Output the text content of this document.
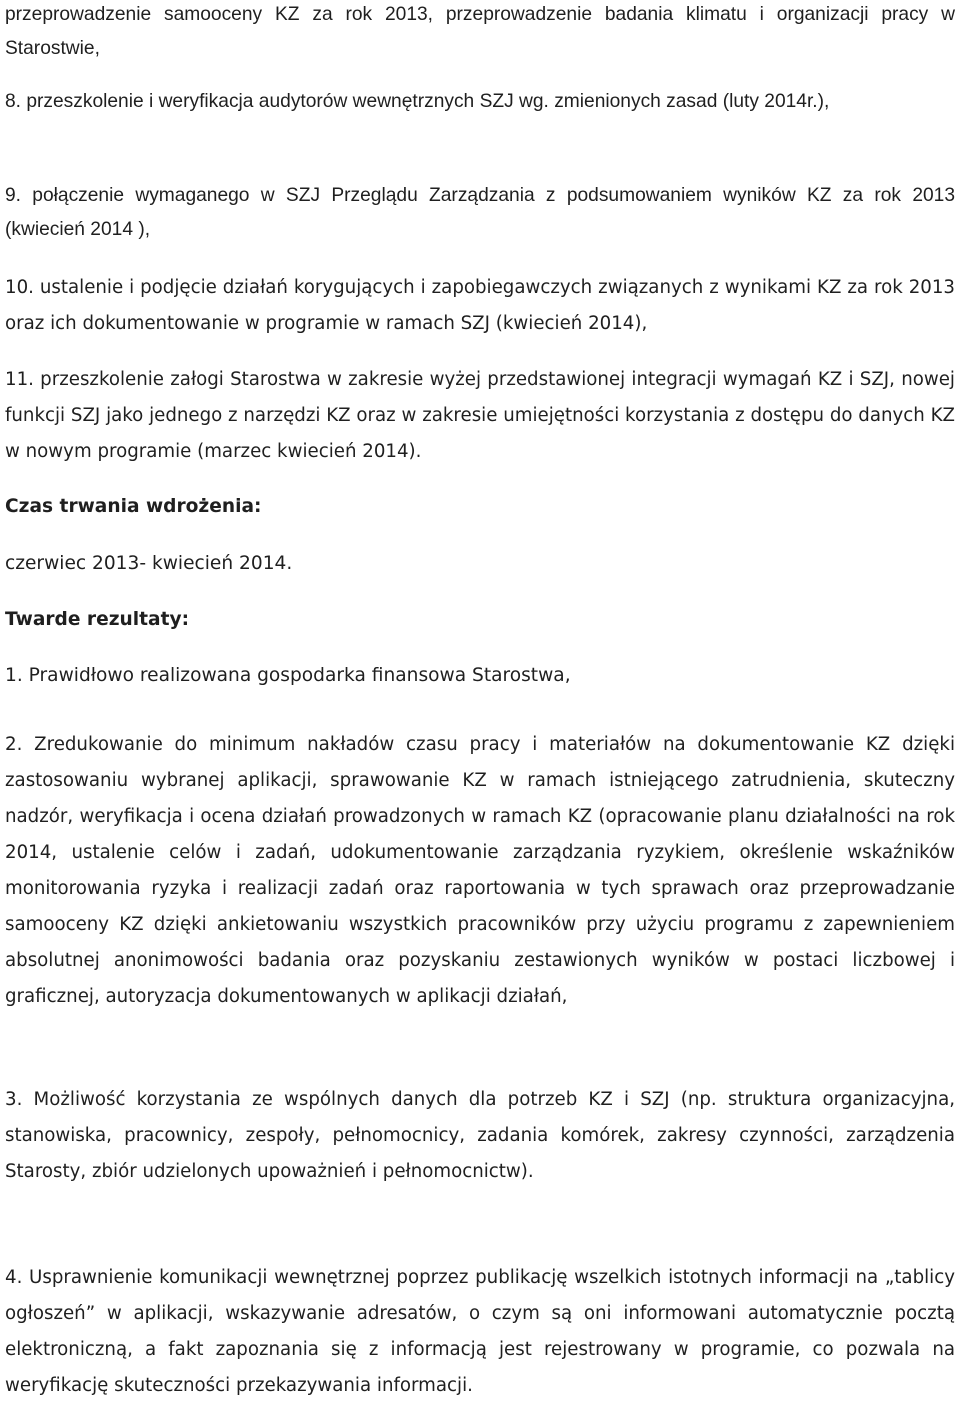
przeprowadzenie samooceny KZ za rok 2013, przeprowadzenie badania klimatu i organizacji pracy w Starostwie,

8. przeszkolenie i weryfikacja audytorów wewnętrznych SZJ wg. zmienionych zasad (luty 2014r.),

9. połączenie wymaganego w SZJ Przeglądu Zarządzania z podsumowaniem wyników KZ za rok 2013 (kwiecień 2014 ),

10. ustalenie i podjęcie działań korygujących i zapobiegawczych związanych z wynikami KZ za rok 2013 oraz ich dokumentowanie w programie w ramach SZJ (kwiecień 2014),

11. przeszkolenie załogi Starostwa w zakresie wyżej przedstawionej integracji wymagań KZ i SZJ, nowej funkcji SZJ jako jednego z narzędzi KZ oraz w zakresie umiejętności korzystania z dostępu do danych KZ w nowym programie (marzec kwiecień 2014).

Czas trwania wdrożenia:

czerwiec 2013- kwiecień 2014.

Twarde rezultaty:

1. Prawidłowo realizowana gospodarka finansowa Starostwa,

2. Zredukowanie do minimum nakładów czasu pracy i materiałów na dokumentowanie KZ dzięki zastosowaniu wybranej aplikacji, sprawowanie KZ w ramach istniejącego zatrudnienia, skuteczny nadzór, weryfikacja i ocena działań prowadzonych w ramach KZ (opracowanie planu działalności na rok 2014, ustalenie celów i zadań, udokumentowanie zarządzania ryzykiem, określenie wskaźników monitorowania ryzyka i realizacji zadań oraz raportowania w tych sprawach oraz przeprowadzanie samooceny KZ dzięki ankietowaniu wszystkich pracowników przy użyciu programu z zapewnieniem absolutnej anonimowości badania oraz pozyskaniu zestawionych wyników w postaci liczbowej i graficznej, autoryzacja dokumentowanych w aplikacji działań,

3. Możliwość korzystania ze wspólnych danych dla potrzeb KZ i SZJ (np. struktura organizacyjna, stanowiska, pracownicy, zespoły, pełnomocnicy, zadania komórek, zakresy czynności, zarządzenia Starosty, zbiór udzielonych upoważnień i pełnomocnictw).

4. Usprawnienie komunikacji wewnętrznej poprzez publikację wszelkich istotnych informacji na „tablicy ogłoszeń” w aplikacji, wskazywanie adresatów, o czym są oni informowani automatycznie pocztą elektroniczną, a fakt zapoznania się z informacją jest rejestrowany w programie, co pozwala na weryfikację skuteczności przekazywania informacji.
